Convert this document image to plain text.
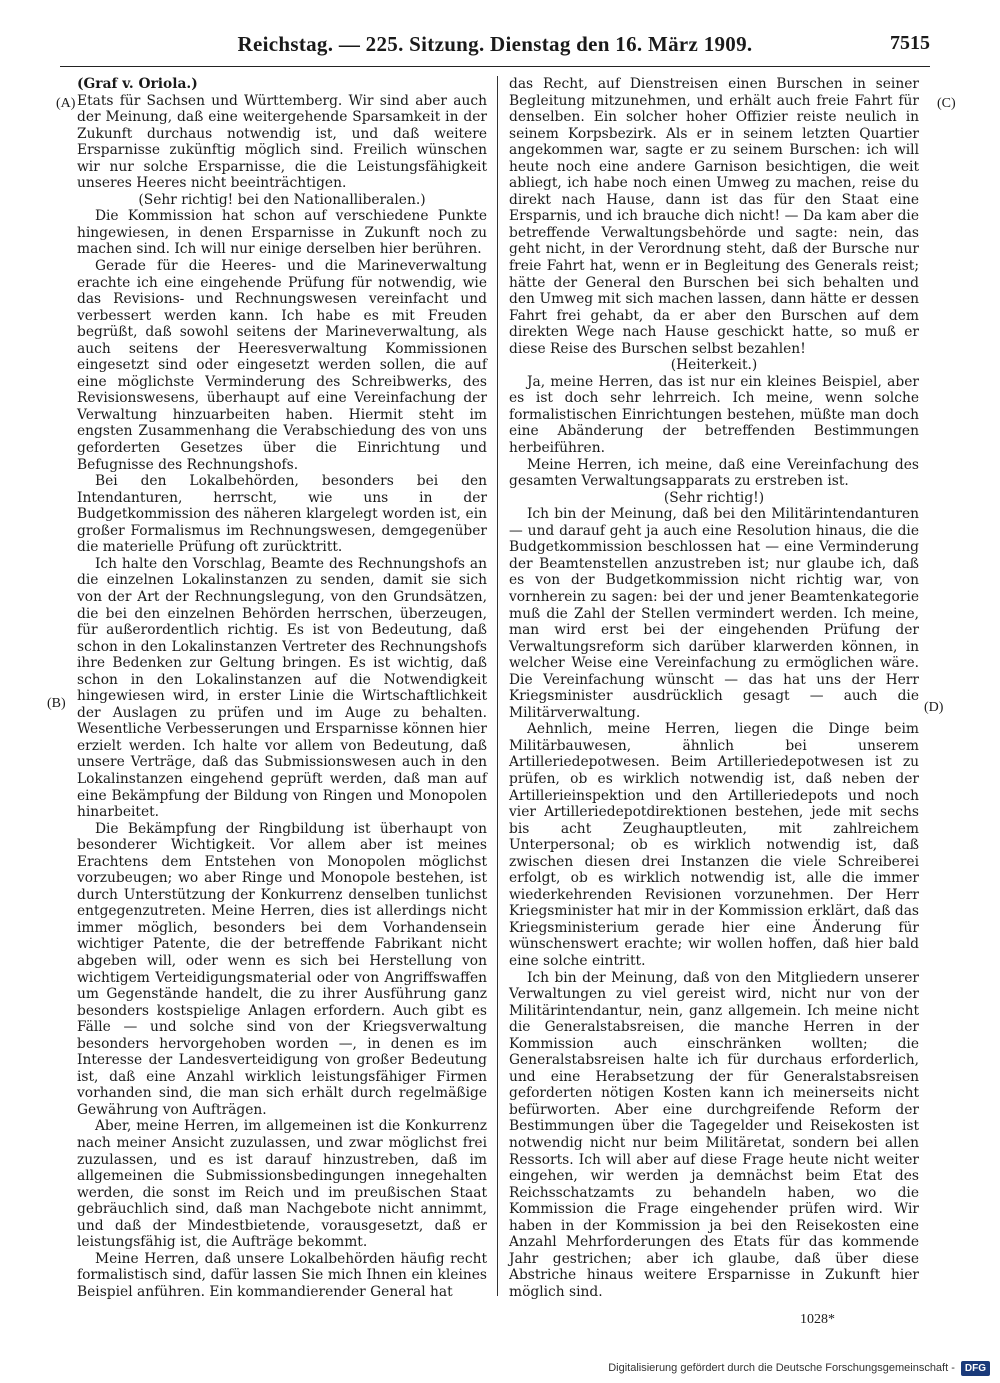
Reichstag. — 225. Sitzung. Dienstag den 16. März 1909.	7515
(A)
(B)
(C)
(D)

(Graf v. Oriola.)

Etats für Sachsen und Württemberg. Wir sind aber auch der Meinung, daß eine weitergehende Sparsamkeit in der Zukunft durchaus notwendig ist, und daß weitere Ersparnisse zukünftig möglich sind. Freilich wünschen wir nur solche Ersparnisse, die die Leistungsfähigkeit unseres Heeres nicht beeinträchtigen.

(Sehr richtig! bei den Nationalliberalen.)

Die Kommission hat schon auf verschiedene Punkte hingewiesen, in denen Ersparnisse in Zukunft noch zu machen sind. Ich will nur einige derselben hier berühren.

Gerade für die Heeres- und die Marineverwaltung erachte ich eine eingehende Prüfung für notwendig, wie das Revisions- und Rechnungswesen vereinfacht und verbessert werden kann. Ich habe es mit Freuden begrüßt, daß sowohl seitens der Marineverwaltung, als auch seitens der Heeresverwaltung Kommissionen eingesetzt sind oder eingesetzt werden sollen, die auf eine möglichste Verminderung des Schreibwerks, des Revisionswesens, überhaupt auf eine Vereinfachung der Verwaltung hinzuarbeiten haben. Hiermit steht im engsten Zusammenhang die Verabschiedung des von uns geforderten Gesetzes über die Einrichtung und Befugnisse des Rechnungshofs.

Bei den Lokalbehörden, besonders bei den Intendanturen, herrscht, wie uns in der Budgetkommission des näheren klargelegt worden ist, ein großer Formalismus im Rechnungswesen, demgegenüber die materielle Prüfung oft zurücktritt.

Ich halte den Vorschlag, Beamte des Rechnungshofs an die einzelnen Lokalinstanzen zu senden, damit sie sich von der Art der Rechnungslegung, von den Grundsätzen, die bei den einzelnen Behörden herrschen, überzeugen, für außerordentlich richtig. Es ist von Bedeutung, daß schon in den Lokalinstanzen Vertreter des Rechnungshofs ihre Bedenken zur Geltung bringen. Es ist wichtig, daß schon in den Lokalinstanzen auf die Notwendigkeit hingewiesen wird, in erster Linie die Wirtschaftlichkeit der Auslagen zu prüfen und im Auge zu behalten. Wesentliche Verbesserungen und Ersparnisse können hier erzielt werden. Ich halte vor allem von Bedeutung, daß unsere Verträge, daß das Submissionswesen auch in den Lokalinstanzen eingehend geprüft werden, daß man auf eine Bekämpfung der Bildung von Ringen und Monopolen hinarbeitet.

Die Bekämpfung der Ringbildung ist überhaupt von besonderer Wichtigkeit. Vor allem aber ist meines Erachtens dem Entstehen von Monopolen möglichst vorzubeugen; wo aber Ringe und Monopole bestehen, ist durch Unterstützung der Konkurrenz denselben tunlichst entgegenzutreten. Meine Herren, dies ist allerdings nicht immer möglich, besonders bei dem Vorhandensein wichtiger Patente, die der betreffende Fabrikant nicht abgeben will, oder wenn es sich bei Herstellung von wichtigem Verteidigungsmaterial oder von Angriffswaffen um Gegenstände handelt, die zu ihrer Ausführung ganz besonders kostspielige Anlagen erfordern. Auch gibt es Fälle — und solche sind von der Kriegsverwaltung besonders hervorgehoben worden —, in denen es im Interesse der Landesverteidigung von großer Bedeutung ist, daß eine Anzahl wirklich leistungsfähiger Firmen vorhanden sind, die man sich erhält durch regelmäßige Gewährung von Aufträgen.

Aber, meine Herren, im allgemeinen ist die Konkurrenz nach meiner Ansicht zuzulassen, und zwar möglichst frei zuzulassen, und es ist darauf hinzustreben, daß im allgemeinen die Submissionsbedingungen innegehalten werden, die sonst im Reich und im preußischen Staat gebräuchlich sind, daß man Nachgebote nicht annimmt, und daß der Mindestbietende, vorausgesetzt, daß er leistungsfähig ist, die Aufträge bekommt.

Meine Herren, daß unsere Lokalbehörden häufig recht formalistisch sind, dafür lassen Sie mich Ihnen ein kleines Beispiel anführen. Ein kommandierender General hat

das Recht, auf Dienstreisen einen Burschen in seiner Begleitung mitzunehmen, und erhält auch freie Fahrt für denselben. Ein solcher hoher Offizier reiste neulich in seinem Korpsbezirk. Als er in seinem letzten Quartier angekommen war, sagte er zu seinem Burschen: ich will heute noch eine andere Garnison besichtigen, die weit abliegt, ich habe noch einen Umweg zu machen, reise du direkt nach Hause, dann ist das für den Staat eine Ersparnis, und ich brauche dich nicht! — Da kam aber die betreffende Verwaltungsbehörde und sagte: nein, das geht nicht, in der Verordnung steht, daß der Bursche nur freie Fahrt hat, wenn er in Begleitung des Generals reist; hätte der General den Burschen bei sich behalten und den Umweg mit sich machen lassen, dann hätte er dessen Fahrt frei gehabt, da er aber den Burschen auf dem direkten Wege nach Hause geschickt hatte, so muß er diese Reise des Burschen selbst bezahlen!

(Heiterkeit.)

Ja, meine Herren, das ist nur ein kleines Beispiel, aber es ist doch sehr lehrreich. Ich meine, wenn solche formalistischen Einrichtungen bestehen, müßte man doch eine Abänderung der betreffenden Bestimmungen herbeiführen.

Meine Herren, ich meine, daß eine Vereinfachung des gesamten Verwaltungsapparats zu erstreben ist.

(Sehr richtig!)

Ich bin der Meinung, daß bei den Militärintendanturen — und darauf geht ja auch eine Resolution hinaus, die die Budgetkommission beschlossen hat — eine Verminderung der Beamtenstellen anzustreben ist; nur glaube ich, daß es von der Budgetkommission nicht richtig war, von vornherein zu sagen: bei der und jener Beamtenkategorie muß die Zahl der Stellen vermindert werden. Ich meine, man wird erst bei der eingehenden Prüfung der Verwaltungsreform sich darüber klarwerden können, in welcher Weise eine Vereinfachung zu ermöglichen wäre. Die Vereinfachung wünscht — das hat uns der Herr Kriegsminister ausdrücklich gesagt — auch die Militärverwaltung.

Aehnlich, meine Herren, liegen die Dinge beim Militärbauwesen, ähnlich bei unserem Artilleriedepotwesen. Beim Artilleriedepotwesen ist zu prüfen, ob es wirklich notwendig ist, daß neben der Artillerieinspektion und den Artilleriedepots und noch vier Artilleriedepotdirektionen bestehen, jede mit sechs bis acht Zeughauptleuten, mit zahlreichem Unterpersonal; ob es wirklich notwendig ist, daß zwischen diesen drei Instanzen die viele Schreiberei erfolgt, ob es wirklich notwendig ist, alle die immer wiederkehrenden Revisionen vorzunehmen. Der Herr Kriegsminister hat mir in der Kommission erklärt, daß das Kriegsministerium gerade hier eine Änderung für wünschenswert erachte; wir wollen hoffen, daß hier bald eine solche eintritt.

Ich bin der Meinung, daß von den Mitgliedern unserer Verwaltungen zu viel gereist wird, nicht nur von der Militärintendantur, nein, ganz allgemein. Ich meine nicht die Generalstabsreisen, die manche Herren in der Kommission auch einschränken wollten; die Generalstabsreisen halte ich für durchaus erforderlich, und eine Herabsetzung der für Generalstabsreisen geforderten nötigen Kosten kann ich meinerseits nicht befürworten. Aber eine durchgreifende Reform der Bestimmungen über die Tagegelder und Reisekosten ist notwendig nicht nur beim Militäretat, sondern bei allen Ressorts. Ich will aber auf diese Frage heute nicht weiter eingehen, wir werden ja demnächst beim Etat des Reichsschatzamts zu behandeln haben, wo die Kommission die Frage eingehender prüfen wird. Wir haben in der Kommission ja bei den Reisekosten eine Anzahl Mehrforderungen des Etats für das kommende Jahr gestrichen; aber ich glaube, daß über diese Abstriche hinaus weitere Ersparnisse in Zukunft hier möglich sind.

1028*
Digitalisierung gefördert durch die Deutsche Forschungsgemeinschaft -	DFG
